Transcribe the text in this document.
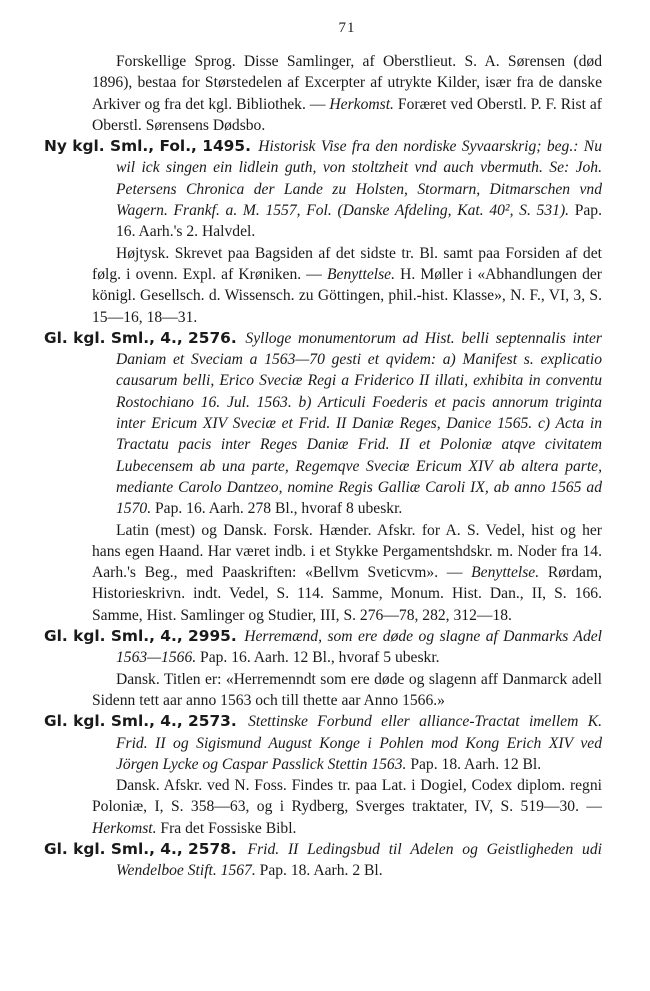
71

Forskellige Sprog. Disse Samlinger, af Oberstlieut. S. A. Sørensen (død 1896), bestaa for Størstedelen af Excerpter af utrykte Kilder, især fra de danske Arkiver og fra det kgl. Bibliothek. — Herkomst. Foræret ved Oberstl. P. F. Rist af Oberstl. Sørensens Dødsbo.

Ny kgl. Sml., Fol., 1495. Historisk Vise fra den nordiske Syvaarskrig; beg.: Nu wil ick singen ein lidlein guth, von stoltzheit vnd auch vbermuth. Se: Joh. Petersens Chronica der Lande zu Holsten, Stormarn, Ditmarschen vnd Wagern. Frankf. a. M. 1557, Fol. (Danske Afdeling, Kat. 40², S. 531). Pap. 16. Aarh.'s 2. Halvdel.

Højtysk. Skrevet paa Bagsiden af det sidste tr. Bl. samt paa Forsiden af det følg. i ovenn. Expl. af Krøniken. — Benyttelse. H. Møller i «Abhandlungen der königl. Gesellsch. d. Wissensch. zu Göttingen, phil.-hist. Klasse», N. F., VI, 3, S. 15—16, 18—31.

Gl. kgl. Sml., 4., 2576. Sylloge monumentorum ad Hist. belli septennalis inter Daniam et Sveciam a 1563—70 gesti et qvidem: a) Manifest s. explicatio causarum belli, Erico Sveciæ Regi a Friderico II illati, exhibita in conventu Rostochiano 16. Jul. 1563. b) Articuli Foederis et pacis annorum triginta inter Ericum XIV Sveciæ et Frid. II Daniæ Reges, Danice 1565. c) Acta in Tractatu pacis inter Reges Daniæ Frid. II et Poloniæ atqve civitatem Lubecensem ab una parte, Regemqve Sveciæ Ericum XIV ab altera parte, mediante Carolo Dantzeo, nomine Regis Galliæ Caroli IX, ab anno 1565 ad 1570. Pap. 16. Aarh. 278 Bl., hvoraf 8 ubeskr.

Latin (mest) og Dansk. Forsk. Hænder. Afskr. for A. S. Vedel, hist og her hans egen Haand. Har været indb. i et Stykke Pergamentshdskr. m. Noder fra 14. Aarh.'s Beg., med Paaskriften: «Bellvm Sveticvm». — Benyttelse. Rørdam, Historieskrivn. indt. Vedel, S. 114. Samme, Monum. Hist. Dan., II, S. 166. Samme, Hist. Samlinger og Studier, III, S. 276—78, 282, 312—18.

Gl. kgl. Sml., 4., 2995. Herremænd, som ere døde og slagne af Danmarks Adel 1563—1566. Pap. 16. Aarh. 12 Bl., hvoraf 5 ubeskr.

Dansk. Titlen er: «Herremenndt som ere døde og slagenn aff Danmarck adell Sidenn tett aar anno 1563 och till thette aar Anno 1566.»

Gl. kgl. Sml., 4., 2573. Stettinske Forbund eller alliance-Tractat imellem K. Frid. II og Sigismund August Konge i Pohlen mod Kong Erich XIV ved Jörgen Lycke og Caspar Passlick Stettin 1563. Pap. 18. Aarh. 12 Bl.

Dansk. Afskr. ved N. Foss. Findes tr. paa Lat. i Dogiel, Codex diplom. regni Poloniæ, I, S. 358—63, og i Rydberg, Sverges traktater, IV, S. 519—30. — Herkomst. Fra det Fossiske Bibl.

Gl. kgl. Sml., 4., 2578. Frid. II Ledingsbud til Adelen og Geistligheden udi Wendelboe Stift. 1567. Pap. 18. Aarh. 2 Bl.
